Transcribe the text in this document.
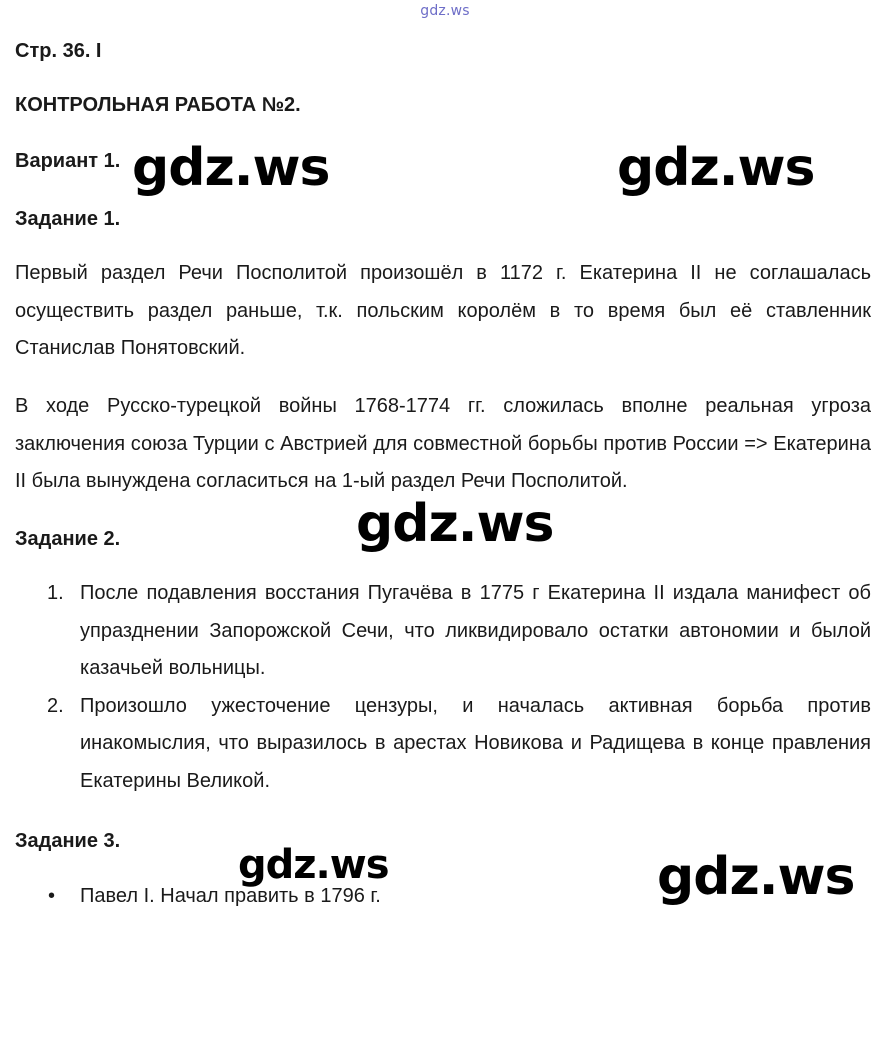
gdz.ws
Стр. 36. І
КОНТРОЛЬНАЯ РАБОТА №2.
Вариант 1.
Задание 1.

Первый раздел Речи Посполитой произошёл в 1172 г. Екатерина II не соглашалась осуществить раздел раньше, т.к. польским королём в то время был её ставленник Станислав Понятовский.

В ходе Русско-турецкой войны 1768-1774 гг. сложилась вполне реальная угроза заключения союза Турции с Австрией для совместной борьбы против России => Екатерина II была вынуждена согласиться на 1-ый раздел Речи Посполитой.

Задание 2.
1. После подавления восстания Пугачёва в 1775 г Екатерина II издала манифест об упразднении Запорожской Сечи, что ликвидировало остатки автономии и былой казачьей вольницы.
2. Произошло ужесточение цензуры, и началась активная борьба против инакомыслия, что выразилось в арестах Новикова и Радищева в конце правления Екатерины Великой.
Задание 3.
• Павел I. Начал править в 1796 г.
gdz.ws	gdz.ws
gdz.ws
gdz.ws	gdz.ws
